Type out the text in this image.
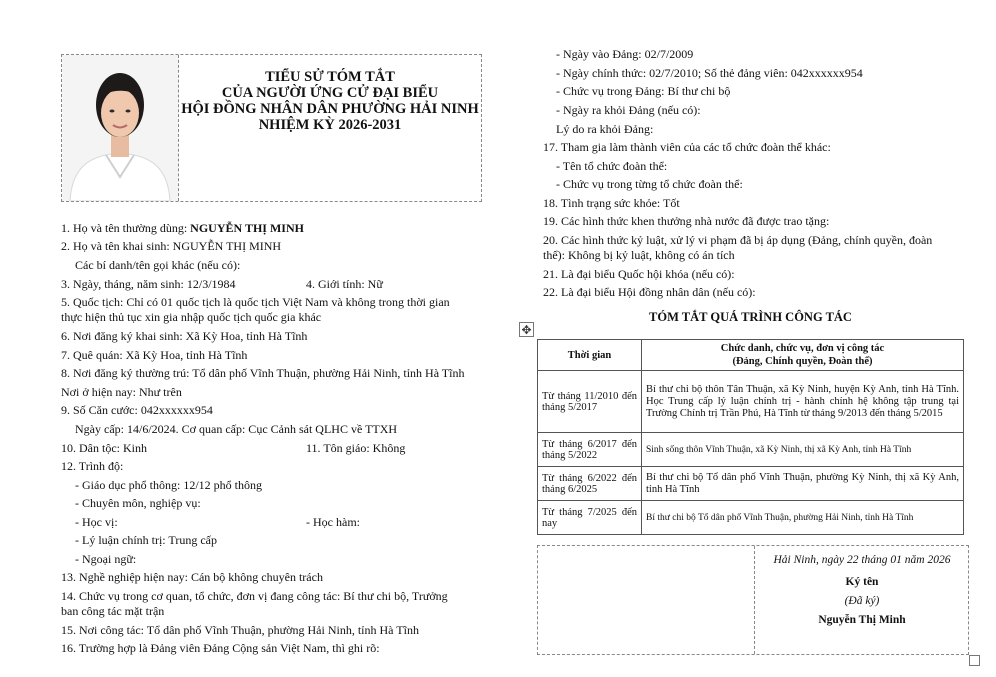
TIỂU SỬ TÓM TẮT
CỦA NGƯỜI ỨNG CỬ ĐẠI BIỂU
HỘI ĐỒNG NHÂN DÂN PHƯỜNG HẢI NINH
NHIỆM KỲ 2026-2031
1. Họ và tên thường dùng: NGUYỄN THỊ MINH
2. Họ và tên khai sinh: NGUYỄN THỊ MINH
Các bí danh/tên gọi khác (nếu có):
3. Ngày, tháng, năm sinh: 12/3/1984	4. Giới tính: Nữ
5. Quốc tịch: Chỉ có 01 quốc tịch là quốc tịch Việt Nam và không trong thời gian
thực hiện thủ tục xin gia nhập quốc tịch quốc gia khác
6. Nơi đăng ký khai sinh: Xã Kỳ Hoa, tỉnh Hà Tĩnh
7. Quê quán: Xã Kỳ Hoa, tỉnh Hà Tĩnh
8. Nơi đăng ký thường trú: Tổ dân phố Vĩnh Thuận, phường Hải Ninh, tỉnh Hà Tĩnh
Nơi ở hiện nay: Như trên
9. Số Căn cước: 042xxxxxx954
Ngày cấp: 14/6/2024. Cơ quan cấp: Cục Cảnh sát QLHC về TTXH
10. Dân tộc: Kinh	11. Tôn giáo: Không
12. Trình độ:
- Giáo dục phổ thông: 12/12 phổ thông
- Chuyên môn, nghiệp vụ:
- Học vị:	- Học hàm:
- Lý luận chính trị: Trung cấp
- Ngoại ngữ:
13. Nghề nghiệp hiện nay: Cán bộ không chuyên trách
14. Chức vụ trong cơ quan, tổ chức, đơn vị đang công tác: Bí thư chi bộ, Trưởng
ban công tác mặt trận
15. Nơi công tác: Tổ dân phố Vĩnh Thuận, phường Hải Ninh, tỉnh Hà Tĩnh
16. Trường hợp là Đảng viên Đảng Cộng sản Việt Nam, thì ghi rõ:
- Ngày vào Đảng: 02/7/2009
- Ngày chính thức: 02/7/2010; Số thẻ đảng viên: 042xxxxxx954
- Chức vụ trong Đảng: Bí thư chi bộ
- Ngày ra khỏi Đảng (nếu có):
Lý do ra khỏi Đảng:
17. Tham gia làm thành viên của các tổ chức đoàn thể khác:
- Tên tổ chức đoàn thể:
- Chức vụ trong từng tổ chức đoàn thể:
18. Tình trạng sức khỏe: Tốt
19. Các hình thức khen thưởng nhà nước đã được trao tặng:
20. Các hình thức kỷ luật, xử lý vi phạm đã bị áp dụng (Đảng, chính quyền, đoàn
thể): Không bị kỷ luật, không có án tích
21. Là đại biểu Quốc hội khóa (nếu có):
22. Là đại biểu Hội đồng nhân dân (nếu có):
TÓM TẮT QUÁ TRÌNH CÔNG TÁC
✥
Thời gian	Chức danh, chức vụ, đơn vị công tác
(Đảng, Chính quyền, Đoàn thể)

Từ tháng 11/2010 đến tháng 5/2017	Bí thư chi bộ thôn Tân Thuận, xã Kỳ Ninh, huyện Kỳ Anh, tỉnh Hà Tĩnh. Học Trung cấp lý luận chính trị - hành chính hệ không tập trung tại Trường Chính trị Trần Phú, Hà Tĩnh từ tháng 9/2013 đến tháng 5/2015
Từ tháng 6/2017 đến tháng 5/2022	Sinh sống thôn Vĩnh Thuận, xã Kỳ Ninh, thị xã Kỳ Anh, tỉnh Hà Tĩnh
Từ tháng 6/2022 đến tháng 6/2025	Bí thư chi bộ Tổ dân phố Vĩnh Thuận, phường Kỳ Ninh, thị xã Kỳ Anh, tỉnh Hà Tĩnh
Từ tháng 7/2025 đến nay	Bí thư chi bộ Tổ dân phố Vĩnh Thuận, phường Hải Ninh, tỉnh Hà Tĩnh
Hải Ninh, ngày 22 tháng 01 năm 2026
Ký tên
(Đã ký)
Nguyễn Thị Minh
